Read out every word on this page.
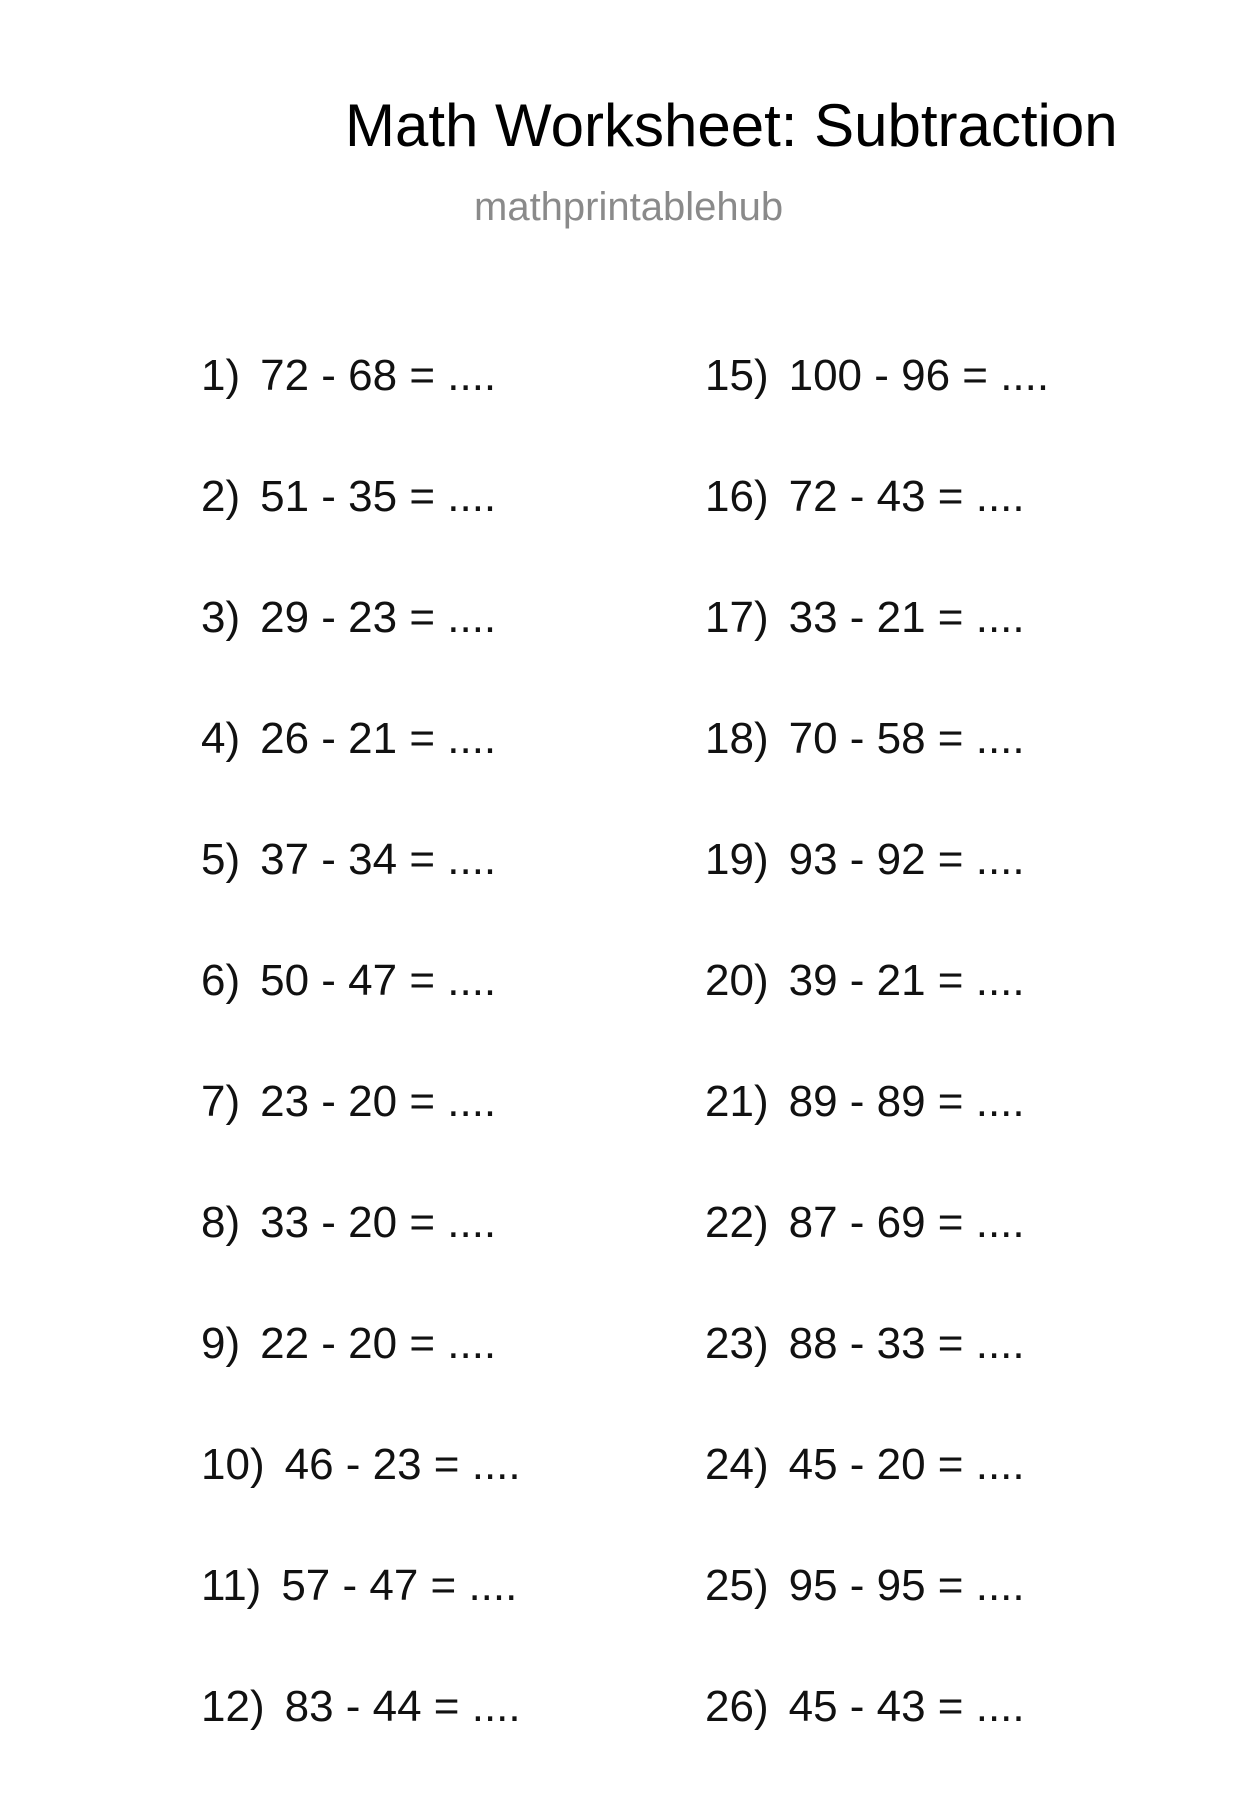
Math Worksheet: Subtraction
mathprintablehub
1) 72 - 68 = ....
2) 51 - 35 = ....
3) 29 - 23 = ....
4) 26 - 21 = ....
5) 37 - 34 = ....
6) 50 - 47 = ....
7) 23 - 20 = ....
8) 33 - 20 = ....
9) 22 - 20 = ....
10) 46 - 23 = ....
11) 57 - 47 = ....
12) 83 - 44 = ....
15) 100 - 96 = ....
16) 72 - 43 = ....
17) 33 - 21 = ....
18) 70 - 58 = ....
19) 93 - 92 = ....
20) 39 - 21 = ....
21) 89 - 89 = ....
22) 87 - 69 = ....
23) 88 - 33 = ....
24) 45 - 20 = ....
25) 95 - 95 = ....
26) 45 - 43 = ....
